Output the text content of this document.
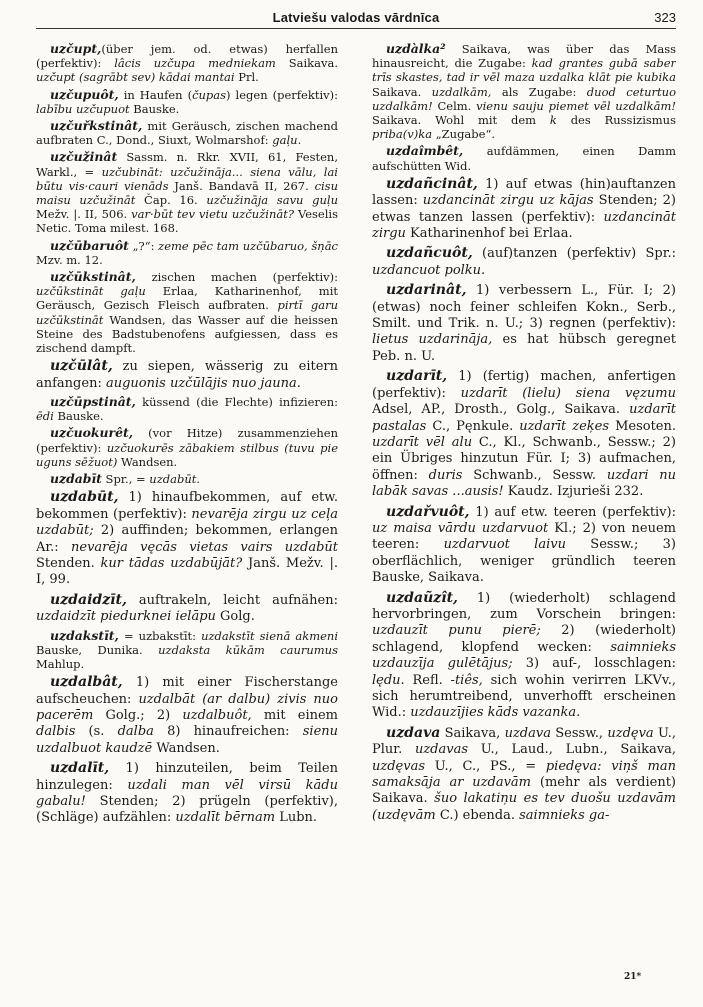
Latviešu valodas vārdnīca	323

uzčupt,(über jem. od. etwas) herfallen (perfektiv): lâcis uzčupa medniekam Saikava. uzčupt (sagrābt sev) kādai mantai Prl.

uzčupuôt, in Haufen (čupas) legen (perfektiv): labību uzčupuot Bauske.

uzčuřkstinât, mit Geräusch, zischen machend aufbraten C., Dond., Siuxt, Wolmarshof: gaļu.

uzčužinât Sassm. n. Rkr. XVII, 61, Festen, Warkl., = uzčubināt: uzčužināja... siena vālu, lai būtu vis·cauri vienāds Janš. Bandavā II, 267. cisu maisu uzčužināt Čap. 16. uzčužināja savu guļu Mežv. |. II, 506. var·būt tev vietu uzčužināt? Veselis Netic. Toma milest. 168.

uzčūbaruôt „?“: zeme pēc tam uzčūbaruo, šņāc Mzv. m. 12.

uzčūkstinât, zischen machen (perfektiv): uzčūkstināt gaļu Erlaa, Katharinenhof, mit Geräusch, Gezisch Fleisch aufbraten. pirtī garu uzčūkstināt Wandsen, das Wasser auf die heissen Steine des Badstubenofens aufgiessen, dass es zischend dampft.

uzčūlât, zu siepen, wässerig zu eitern anfangen: auguonis uzčūlājis nuo jauna.

uzčūpstinât, küssend (die Flechte) infizieren: ēdi Bauske.

uzčuokurêt, (vor Hitze) zusammenziehen (perfektiv): uzčuokurēs zābakiem stilbus (tuvu pie uguns sēžuot) Wandsen.

uzdabīt Spr., = uzdabūt.

uzdabūt, 1) hinaufbekommen, auf etw. bekommen (perfektiv): nevarēja zirgu uz ceļa uzdabūt; 2) auffinden; bekommen, erlangen Ar.: nevarēja vęcās vietas vairs uzdabūt Stenden. kur tādas uzdabūjāt? Janš. Mežv. |. I, 99.

uzdaidzīt, auftrakeln, leicht aufnähen: uzdaidzīt piedurknei ielāpu Golg.

uzdakstīt, = uzbakstīt: uzdakstīt sienā akmeni Bauske, Dunika. uzdaksta kūkām caurumus Mahlup.

uzdalbât, 1) mit einer Fischerstange aufscheuchen: uzdalbāt (ar dalbu) zivis nuo pacerēm Golg.; 2) uzdalbuôt, mit einem dalbis (s. dalba 8) hinaufreichen: sienu uzdalbuot kaudzē Wandsen.

uzdalīt, 1) hinzuteilen, beim Teilen hinzulegen: uzdali man vēl virsū kādu gabalu! Stenden; 2) prügeln (perfektiv), (Schläge) aufzählen: uzdalīt bērnam Lubn.

uzdàlka² Saikava, was über das Mass hinausreicht, die Zugabe: kad grantes gubā saber trīs skastes, tad ir vēl maza uzdalka klāt pie kubika Saikava. uzdalkām, als Zugabe: duod ceturtuo uzdalkām! Celm. vienu sauju piemet vēl uzdalkām! Saikava. Wohl mit dem k des Russizismus priba(v)ka „Zugabe“.

uzdaîmbêt, aufdämmen, einen Damm aufschütten Wid.

uzdañcinât, 1) auf etwas (hin)auftanzen lassen: uzdancināt zirgu uz kājas Stenden; 2) etwas tanzen lassen (perfektiv): uzdancināt zirgu Katharinenhof bei Erlaa.

uzdañcuôt, (auf)tanzen (perfektiv) Spr.: uzdancuot polku.

uzdarinât, 1) verbessern L., Für. I; 2) (etwas) noch feiner schleifen Kokn., Serb., Smilt. und Trik. n. U.; 3) regnen (perfektiv): lietus uzdarināja, es hat hübsch geregnet Peb. n. U.

uzdarīt, 1) (fertig) machen, anfertigen (perfektiv): uzdarīt (lielu) siena vęzumu Adsel, AP., Drosth., Golg., Saikava. uzdarīt pastalas C., Pęnkule. uzdarīt zeķes Mesoten. uzdarīt vēl alu C., Kl., Schwanb., Sessw.; 2) ein Übriges hinzutun Für. I; 3) aufmachen, öffnen: duris Schwanb., Sessw. uzdari nu labāk savas ...ausis! Kaudz. Izjurieši 232.

uzdařvuôt, 1) auf etw. teeren (perfektiv): uz maisa vārdu uzdarvuot Kl.; 2) von neuem teeren: uzdarvuot laivu Sessw.; 3) oberflächlich, weniger gründlich teeren Bauske, Saikava.

uzdaũzît, 1) (wiederholt) schlagend hervorbringen, zum Vorschein bringen: uzdauzīt punu pierē; 2) (wiederholt) schlagend, klopfend wecken: saimnieks uzdauzīja gulētājus; 3) auf-, losschlagen: lędu. Refl. -tiês, sich wohin verirren LKVv., sich herumtreibend, unverhofft erscheinen Wid.: uzdauzījies kāds vazanka.

uzdava Saikava, uzdava Sessw., uzdęva U., Plur. uzdavas U., Laud., Lubn., Saikava, uzdęvas U., C., PS., = piedęva: viņš man samaksāja ar uzdavām (mehr als verdient) Saikava. šuo lakatiņu es tev duošu uzdavām (uzdęvām C.) ebenda. saimnieks ga-

21*
